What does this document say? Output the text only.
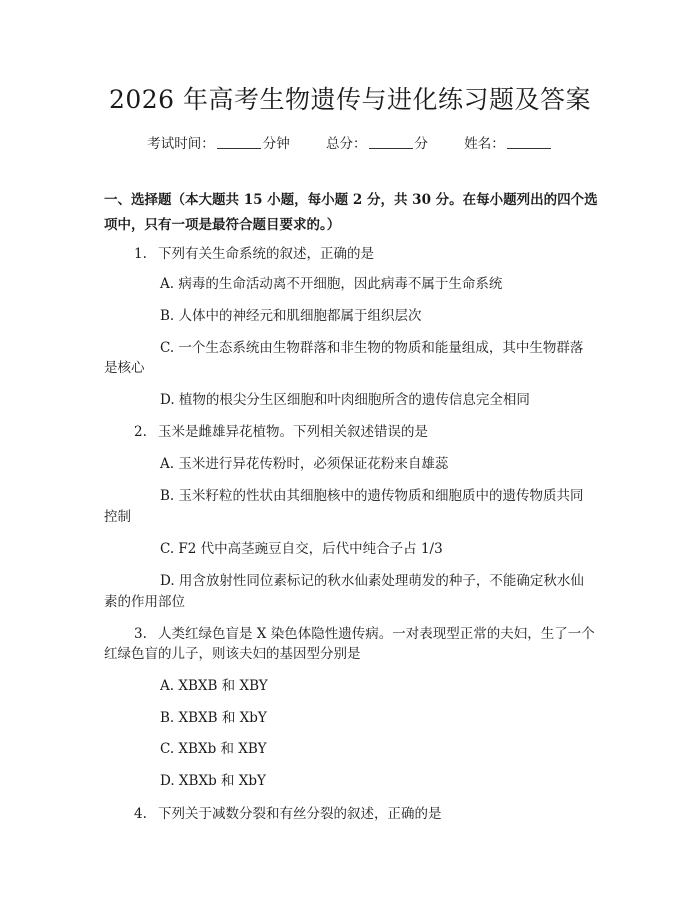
2026 年高考生物遗传与进化练习题及答案
考试时间：	分钟	总分：	分	姓名：
一、选择题（本大题共 15 小题，每小题 2 分，共 30 分。在每小题列出的四个选
项中，只有一项是最符合题目要求的。）
1. 下列有关生命系统的叙述，正确的是
A. 病毒的生命活动离不开细胞，因此病毒不属于生命系统
B. 人体中的神经元和肌细胞都属于组织层次
C. 一个生态系统由生物群落和非生物的物质和能量组成，其中生物群落
是核心
D. 植物的根尖分生区细胞和叶肉细胞所含的遗传信息完全相同
2. 玉米是雌雄异花植物。下列相关叙述错误的是
A. 玉米进行异花传粉时，必须保证花粉来自雄蕊
B. 玉米籽粒的性状由其细胞核中的遗传物质和细胞质中的遗传物质共同
控制
C. F2 代中高茎豌豆自交，后代中纯合子占 1/3
D. 用含放射性同位素标记的秋水仙素处理萌发的种子，不能确定秋水仙
素的作用部位
3. 人类红绿色盲是 X 染色体隐性遗传病。一对表现型正常的夫妇，生了一个
红绿色盲的儿子，则该夫妇的基因型分别是
A. XBXB 和 XBY
B. XBXB 和 XbY
C. XBXb 和 XBY
D. XBXb 和 XbY
4. 下列关于减数分裂和有丝分裂的叙述，正确的是
